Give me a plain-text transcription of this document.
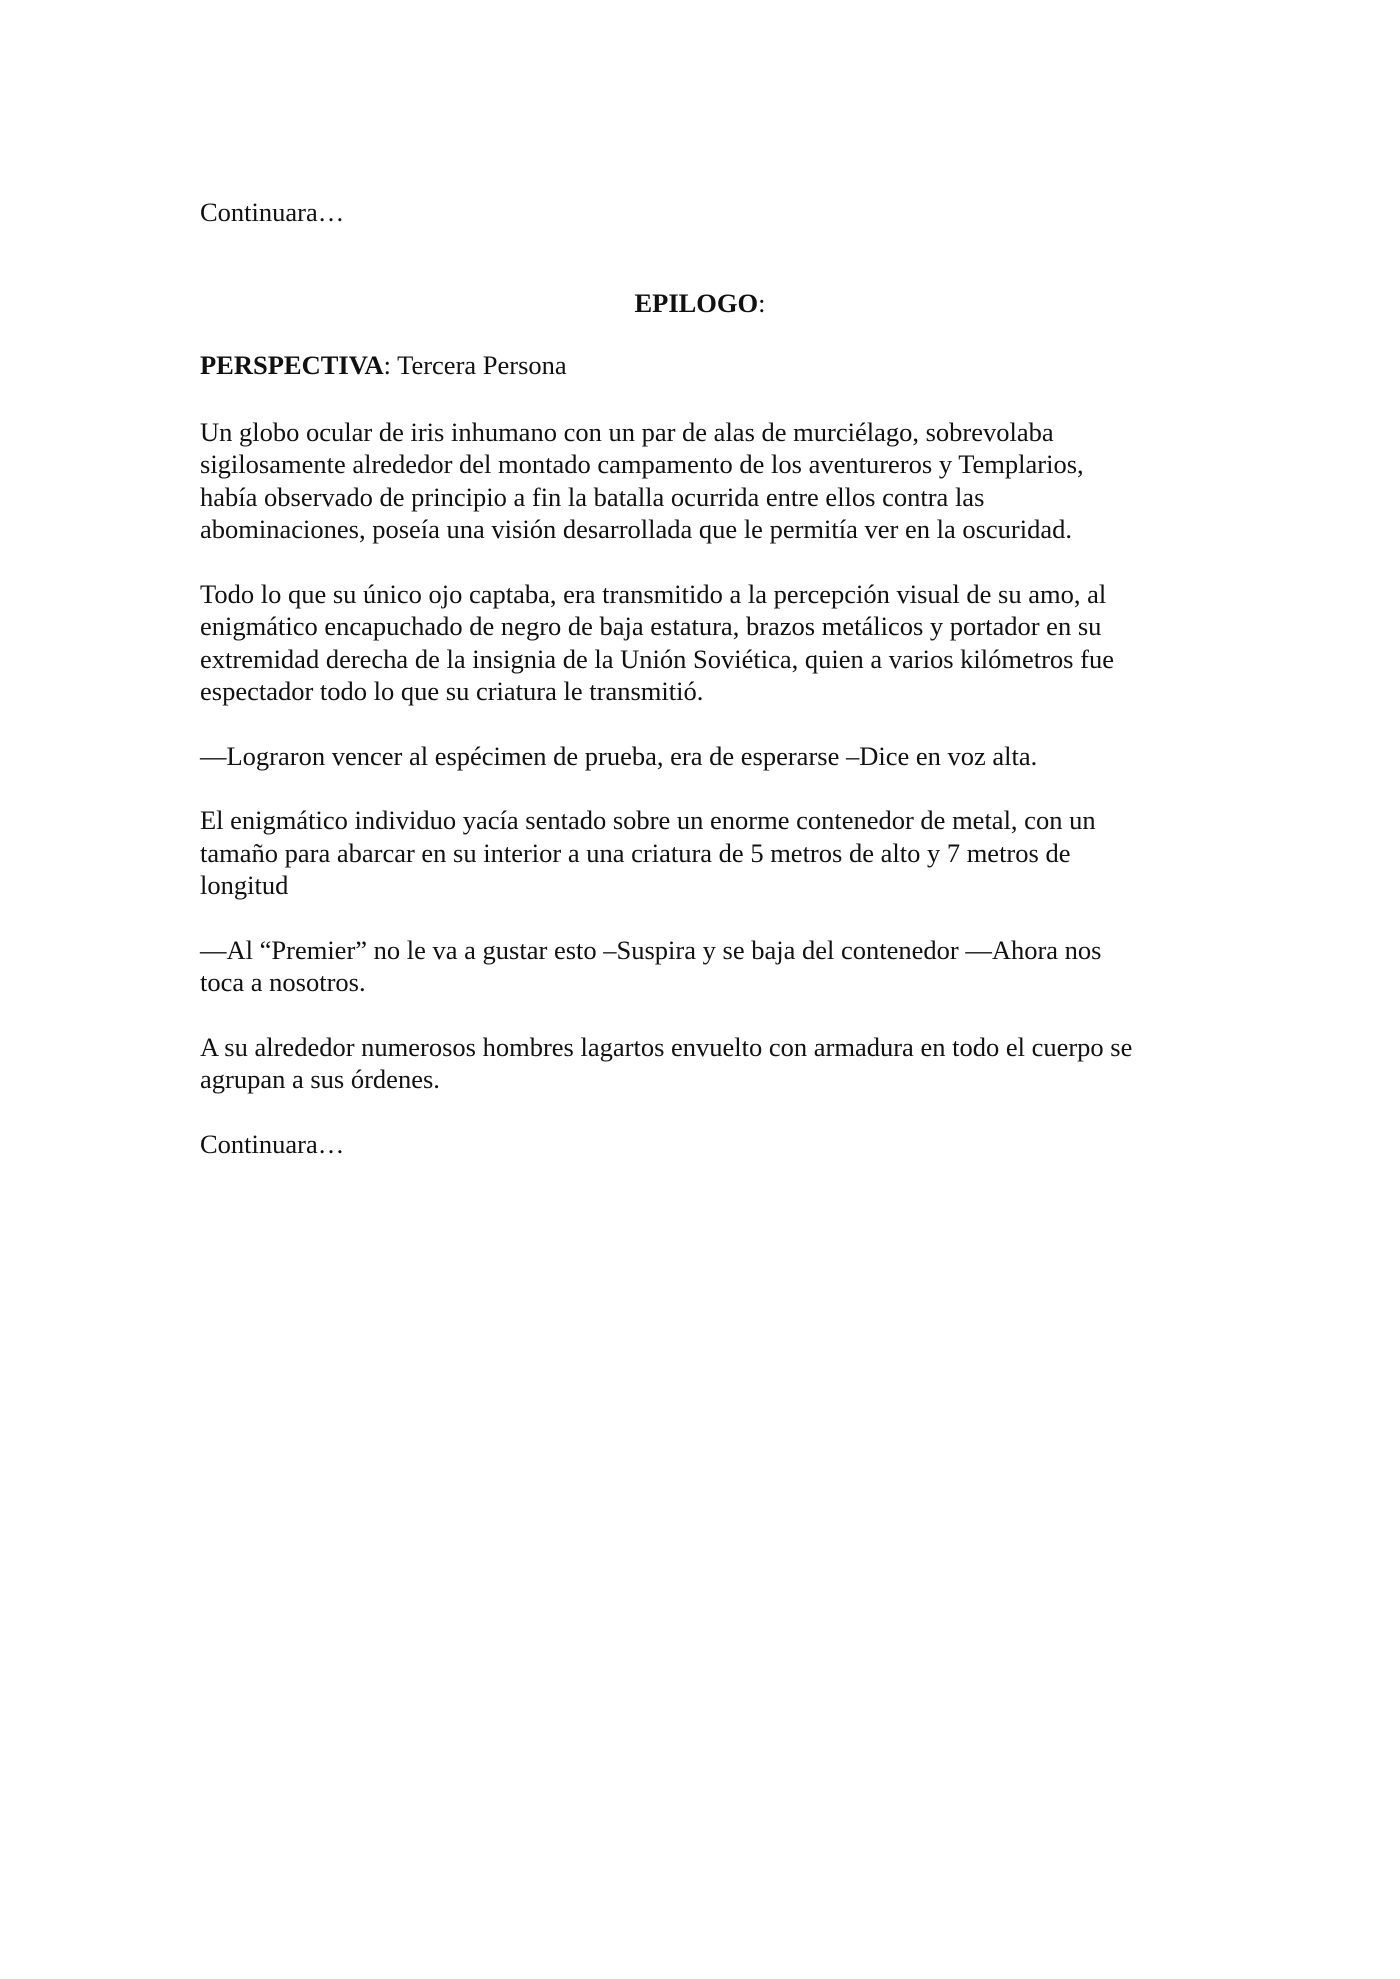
Continuara…

EPILOGO:

PERSPECTIVA: Tercera Persona

Un globo ocular de iris inhumano con un par de alas de murciélago, sobrevolaba
sigilosamente alrededor del montado campamento de los aventureros y Templarios,
había observado de principio a fin la batalla ocurrida entre ellos contra las
abominaciones, poseía una visión desarrollada que le permitía ver en la oscuridad.

Todo lo que su único ojo captaba, era transmitido a la percepción visual de su amo, al
enigmático encapuchado de negro de baja estatura, brazos metálicos y portador en su
extremidad derecha de la insignia de la Unión Soviética, quien a varios kilómetros fue
espectador todo lo que su criatura le transmitió.

—Lograron vencer al espécimen de prueba, era de esperarse –Dice en voz alta.

El enigmático individuo yacía sentado sobre un enorme contenedor de metal, con un
tamaño para abarcar en su interior a una criatura de 5 metros de alto y 7 metros de
longitud

—Al “Premier” no le va a gustar esto –Suspira y se baja del contenedor —Ahora nos
toca a nosotros.

A su alrededor numerosos hombres lagartos envuelto con armadura en todo el cuerpo se
agrupan a sus órdenes.

Continuara…
